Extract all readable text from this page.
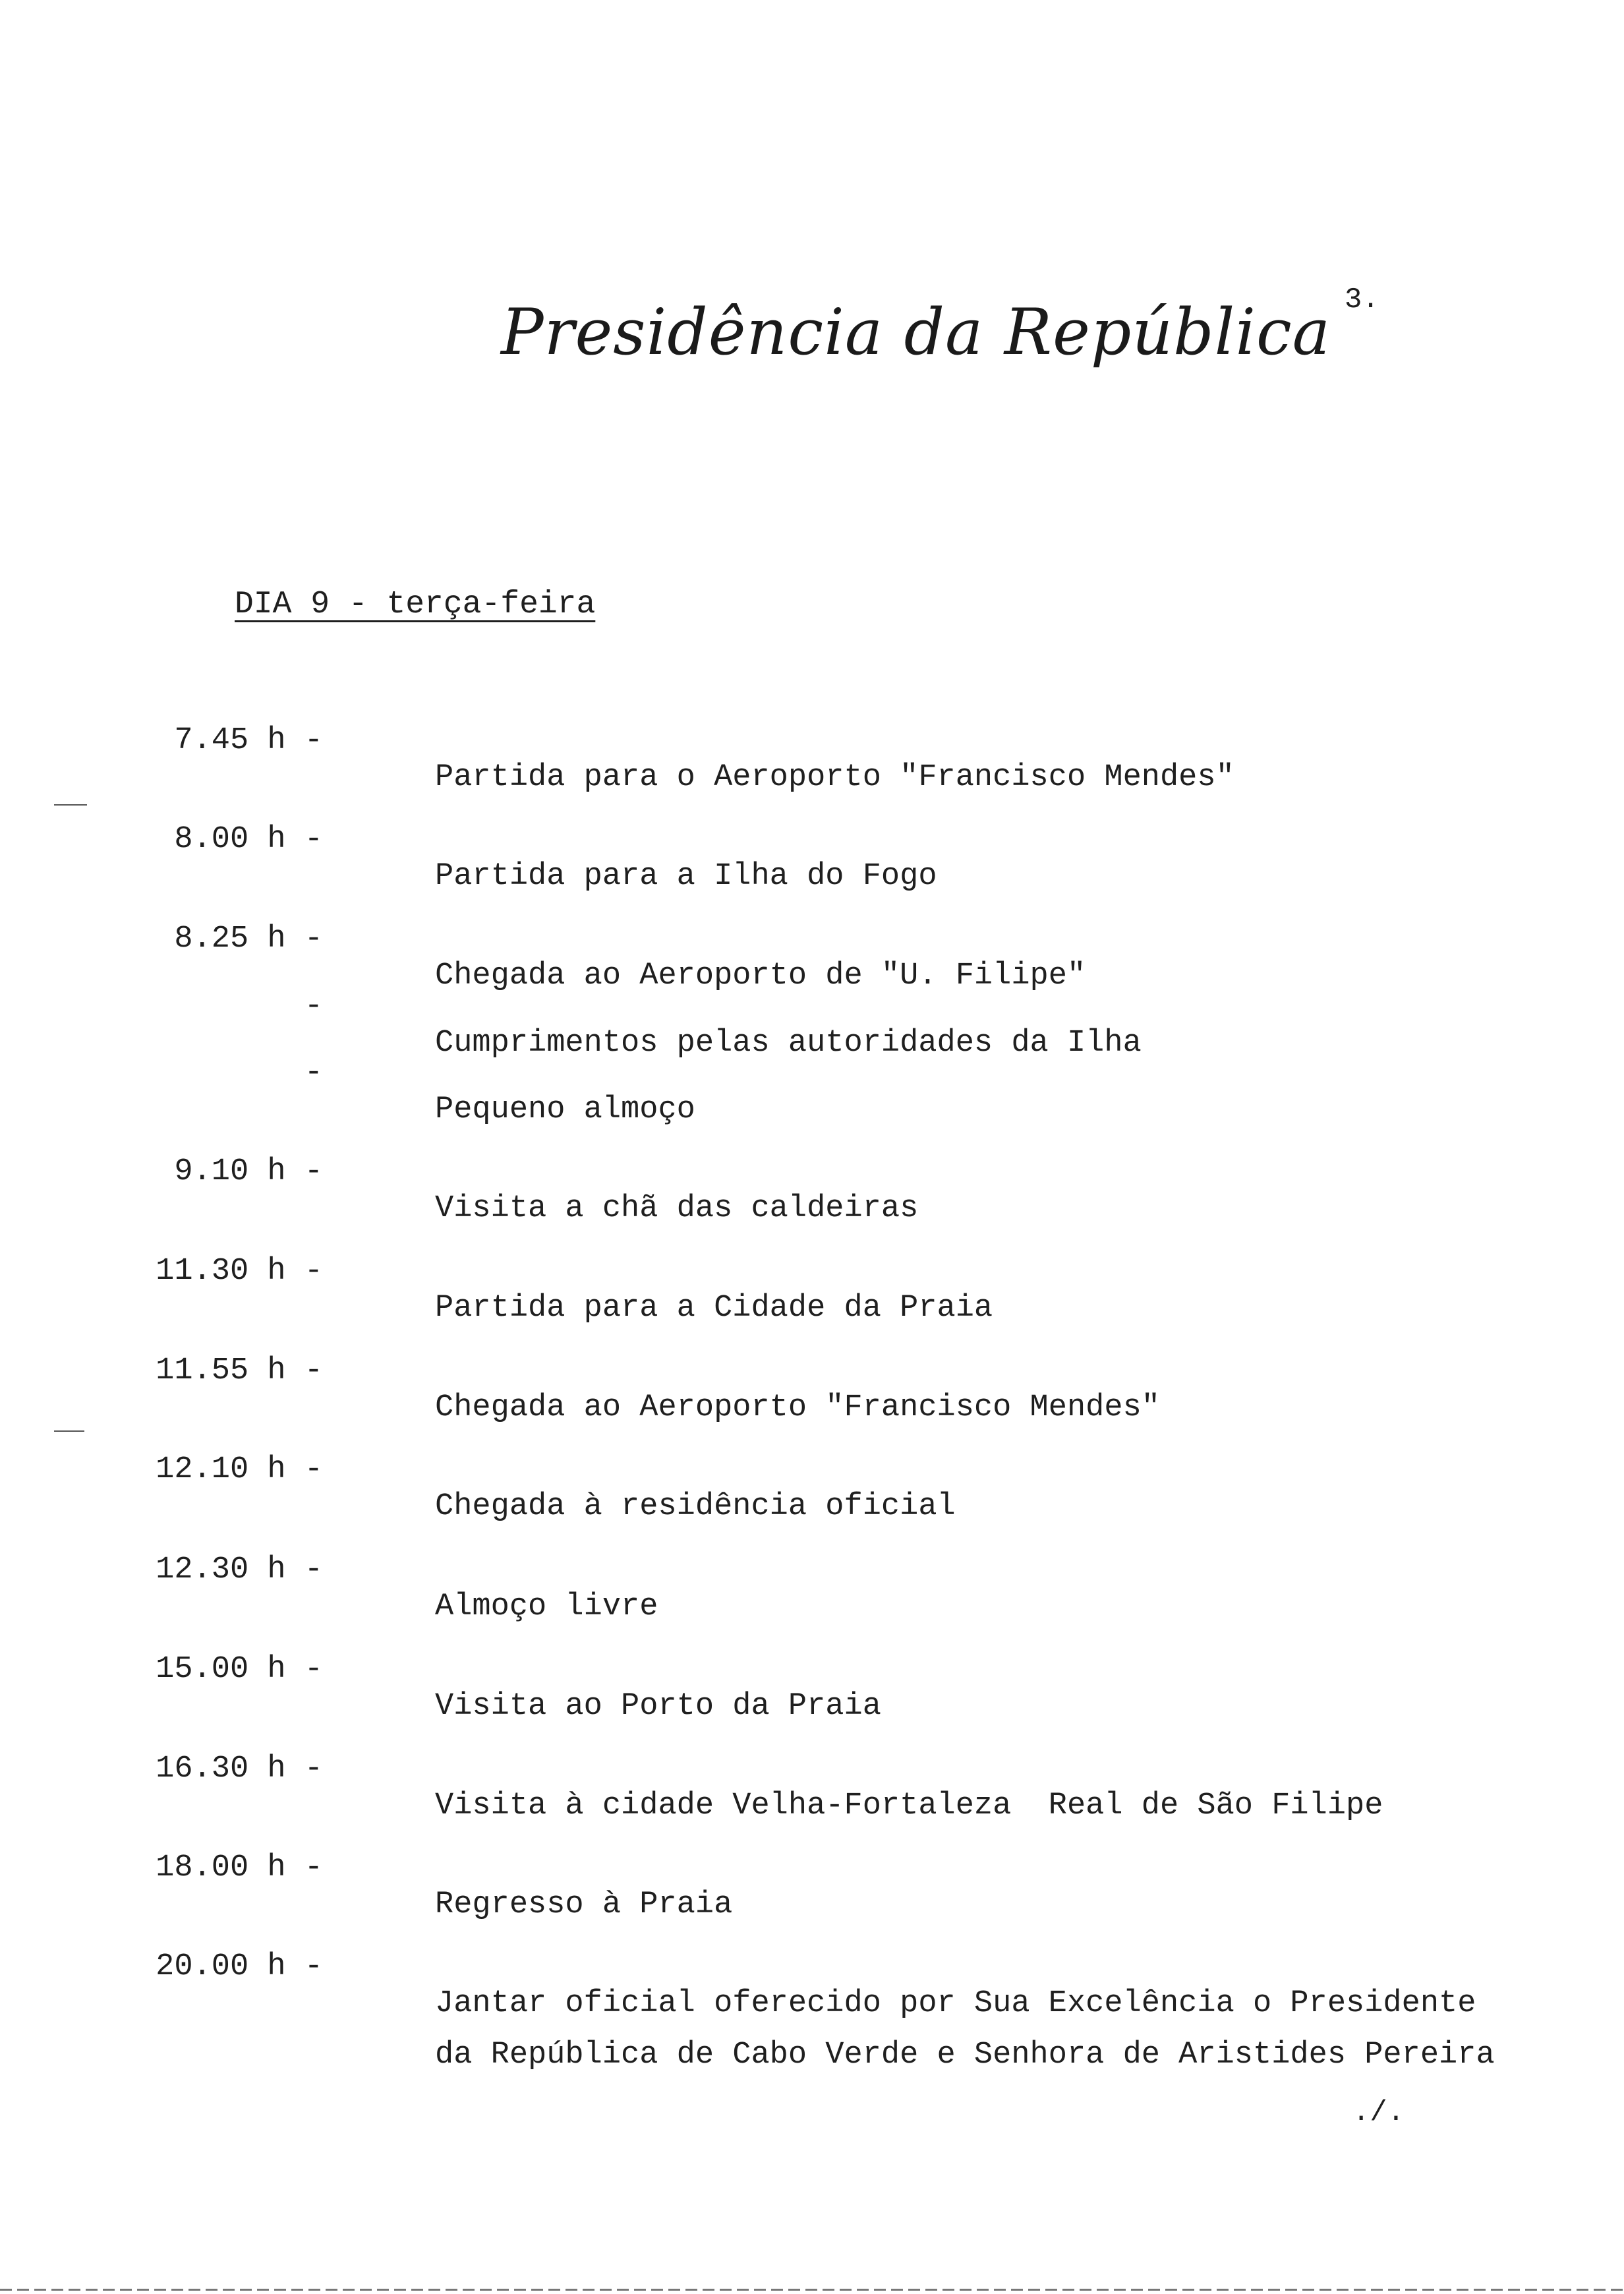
Presidência da República 3.
DIA 9 - terça-feira

7.45 h -

Partida para o Aeroporto "Francisco Mendes"

8.00 h -

Partida para a Ilha do Fogo

8.25 h -

Chegada ao Aeroporto de "U. Filipe"

-

Cumprimentos pelas autoridades da Ilha

-

Pequeno almoço

9.10 h -

Visita a chã das caldeiras

11.30 h -

Partida para a Cidade da Praia

11.55 h -

Chegada ao Aeroporto "Francisco Mendes"

12.10 h -

Chegada à residência oficial

12.30 h -

Almoço livre

15.00 h -

Visita ao Porto da Praia

16.30 h -

Visita à cidade Velha-Fortaleza  Real de São Filipe

18.00 h -

Regresso à Praia

20.00 h -

Jantar oficial oferecido por Sua Excelência o Presidente

da República de Cabo Verde e Senhora de Aristides Pereira

./.
